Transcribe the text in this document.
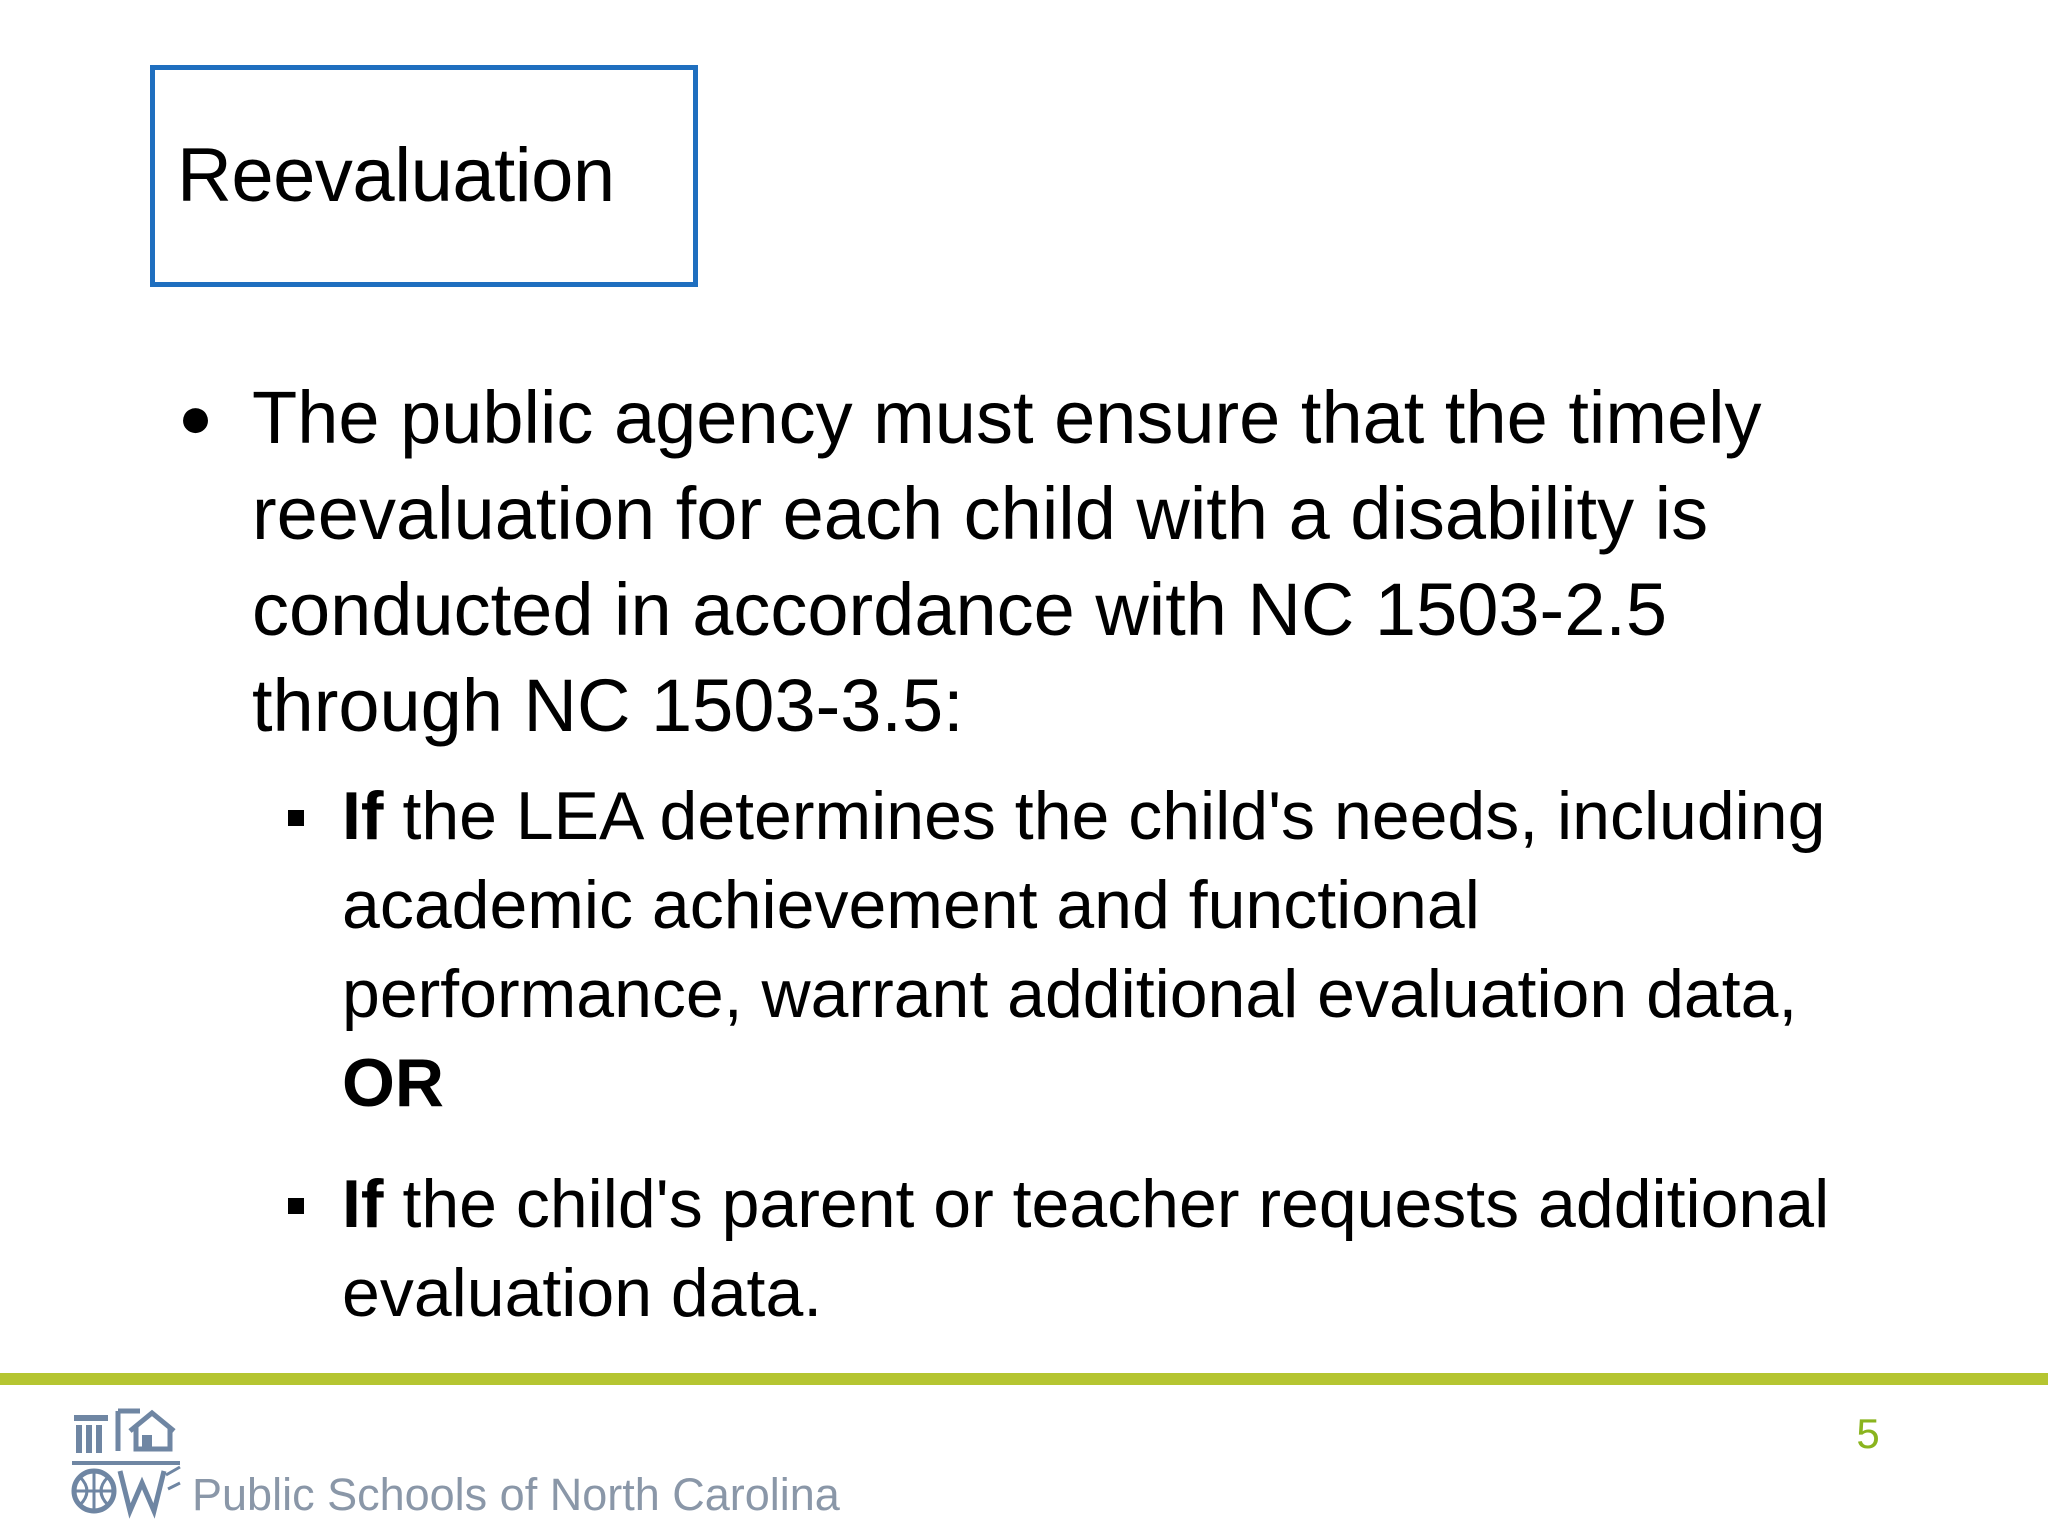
Reevaluation
● The public agency must ensure that the timely reevaluation for each child with a disability is conducted in accordance with NC 1503-2.5 through NC 1503-3.5:
If the LEA determines the child's needs, including academic achievement and functional performance, warrant additional evaluation data, OR
If the child's parent or teacher requests additional evaluation data.
Public Schools of North Carolina
5
